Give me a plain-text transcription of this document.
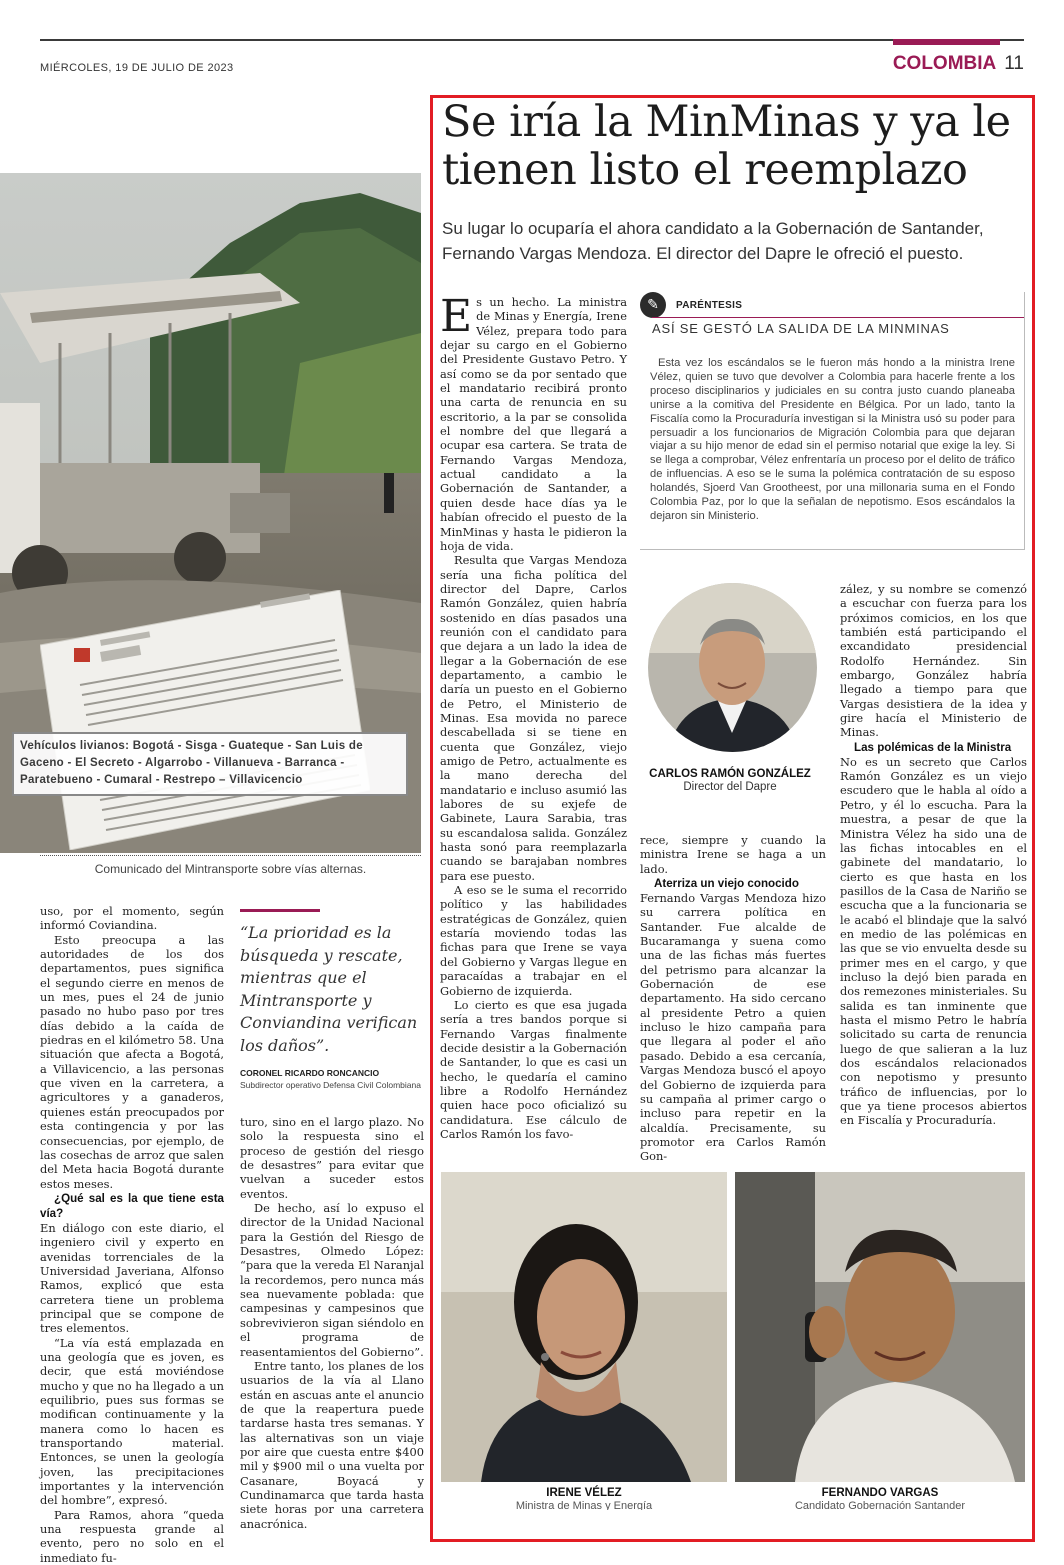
MIÉRCOLES, 19 DE JULIO DE 2023	COLOMBIA 11
Vehículos livianos: Bogotá - Sisga - Guateque - San Luis de Gaceno - El Secreto - Algarrobo - Villanueva - Barranca - Paratebueno - Cumaral - Restrepo – Villavicencio
Comunicado del Mintransporte sobre vías alternas.

uso, por el momento, según informó Coviandina.

Esto preocupa a las autoridades de los dos departamentos, pues significa el segundo cierre en menos de un mes, pues el 24 de junio pasado no hubo paso por tres días debido a la caída de piedras en el kilómetro 58. Una situación que afecta a Bogotá, a Villavicencio, a las personas que viven en la carretera, a agricultores y a ganaderos, quienes están preocupados por esta contingencia y por las consecuencias, por ejemplo, de las cosechas de arroz que salen del Meta hacia Bogotá durante estos meses.

¿Qué sal es la que tiene esta vía?

En diálogo con este diario, el ingeniero civil y experto en avenidas torrenciales de la Universidad Javeriana, Alfonso Ramos, explicó que esta carretera tiene un problema principal que se compone de tres elementos.

“La vía está emplazada en una geología que es joven, es decir, que está moviéndose mucho y que no ha llegado a un equilibrio, pues sus formas se modifican continuamente y la manera como lo hacen es transportando material. Entonces, se unen la geología joven, las precipitaciones importantes y la intervención del hombre”, expresó.

Para Ramos, ahora “queda una respuesta grande al evento, pero no solo en el inmediato fu-

“La prioridad es la búsqueda y rescate, mientras que el Mintransporte y Conviandina verifican los daños”.
CORONEL RICARDO RONCANCIO
Subdirector operativo Defensa Civil Colombiana

turo, sino en el largo plazo. No solo la respuesta sino el proceso de gestión del riesgo de desastres” para evitar que vuelvan a suceder estos eventos.

De hecho, así lo expuso el director de la Unidad Nacional para la Gestión del Riesgo de Desastres, Olmedo López: “para que la vereda El Naranjal la recordemos, pero nunca más sea nuevamente poblada: que campesinas y campesinos que sobrevivieron sigan siéndolo en el programa de reasentamientos del Gobierno”.

Entre tanto, los planes de los usuarios de la vía al Llano están en ascuas ante el anuncio de que la reapertura puede tardarse hasta tres semanas. Y las alternativas son un viaje por aire que cuesta entre $400 mil y $900 mil o una vuelta por Casanare, Boyacá y Cundinamarca que tarda hasta siete horas por una carretera anacrónica.

Se iría la MinMinas y ya le tienen listo el reemplazo
Su lugar lo ocuparía el ahora candidato a la Gobernación de Santander, Fernando Vargas Mendoza. El director del Dapre le ofreció el puesto.

Es un hecho. La ministra de Minas y Energía, Irene Vélez, prepara todo para dejar su cargo en el Gobierno del Presidente Gustavo Petro. Y así como se da por sentado que el mandatario recibirá pronto una carta de renuncia en su escritorio, a la par se consolida el nombre del que llegará a ocupar esa cartera. Se trata de Fernando Vargas Mendoza, actual candidato a la Gobernación de Santander, a quien desde hace días ya le habían ofrecido el puesto de la MinMinas y hasta le pidieron la hoja de vida.

Resulta que Vargas Mendoza sería una ficha política del director del Dapre, Carlos Ramón González, quien habría sostenido en días pasados una reunión con el candidato para que dejara a un lado la idea de llegar a la Gobernación de ese departamento, a cambio le daría un puesto en el Gobierno de Petro, el Ministerio de Minas. Esa movida no parece descabellada si se tiene en cuenta que González, viejo amigo de Petro, actualmente es la mano derecha del mandatario e incluso asumió las labores de su exjefe de Gabinete, Laura Sarabia, tras su escandalosa salida. González hasta sonó para reemplazarla cuando se barajaban nombres para ese puesto.

A eso se le suma el recorrido político y las habilidades estratégicas de González, quien estaría moviendo todas las fichas para que Irene se vaya del Gobierno y Vargas llegue en paracaídas a trabajar en el Gobierno de izquierda.

Lo cierto es que esa jugada sería a tres bandos porque si Fernando Vargas finalmente decide desistir a la Gobernación de Santander, lo que es casi un hecho, le quedaría el camino libre a Rodolfo Hernández quien hace poco oficializó su candidatura. Ese cálculo de Carlos Ramón los favo-

✎	PARÉNTESIS
ASÍ SE GESTÓ LA SALIDA DE LA MINMINAS

Esta vez los escándalos se le fueron más hondo a la ministra Irene Vélez, quien se tuvo que devolver a Colombia para hacerle frente a los proceso disciplinarios y judiciales en su contra justo cuando planeaba unirse a la comitiva del Presidente en Bélgica. Por un lado, tanto la Fiscalía como la Procuraduría investigan si la Ministra usó su poder para persuadir a los funcionarios de Migración Colombia para que dejaran viajar a su hijo menor de edad sin el permiso notarial que exige la ley. Si se llega a comprobar, Vélez enfrentaría un proceso por el delito de tráfico de influencias. A eso se le suma la polémica contratación de su esposo holandés, Sjoerd Van Grootheest, por una millonaria suma en el Fondo Colombia Paz, por lo que la señalan de nepotismo. Esos escándalos la dejaron sin Ministerio.

CARLOS RAMÓN GONZÁLEZ
Director del Dapre

rece, siempre y cuando la ministra Irene se haga a un lado.

Aterriza un viejo conocido

Fernando Vargas Mendoza hizo su carrera política en Santander. Fue alcalde de Bucaramanga y suena como una de las fichas más fuertes del petrismo para alcanzar la Gobernación de ese departamento. Ha sido cercano al presidente Petro a quien incluso le hizo campaña para que llegara al poder el año pasado. Debido a esa cercanía, Vargas Mendoza buscó el apoyo del Gobierno de izquierda para su campaña al primer cargo o incluso para repetir en la alcaldía. Precisamente, su promotor era Carlos Ramón Gon-

zález, y su nombre se comenzó a escuchar con fuerza para los próximos comicios, en los que también está participando el excandidato presidencial Rodolfo Hernández. Sin embargo, González habría llegado a tiempo para que Vargas desistiera de la idea y gire hacía el Ministerio de Minas.

Las polémicas de la Ministra

No es un secreto que Carlos Ramón González es un viejo escudero que le habla al oído a Petro, y él lo escucha. Para la muestra, a pesar de que la Ministra Vélez ha sido una de las fichas intocables en el gabinete del mandatario, lo cierto es que hasta en los pasillos de la Casa de Nariño se escucha que a la funcionaria se le acabó el blindaje que la salvó en medio de las polémicas en las que se vio envuelta desde su primer mes en el cargo, y que incluso la dejó bien parada en dos remezones ministeriales. Su salida es tan inminente que hasta el mismo Petro le habría solicitado su carta de renuncia luego de que salieran a la luz dos escándalos relacionados con nepotismo y presunto tráfico de influencias, por lo que ya tiene procesos abiertos en Fiscalía y Procuraduría.

IRENE VÉLEZ
Ministra de Minas y Energía
FERNANDO VARGAS
Candidato Gobernación Santander
